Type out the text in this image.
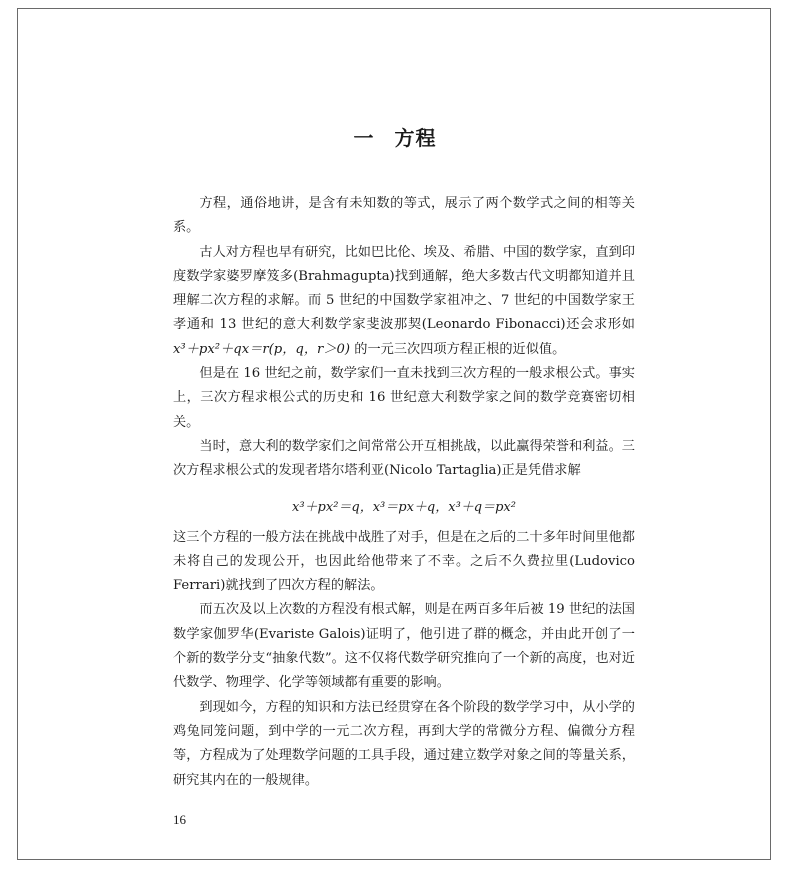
一 方程

方程，通俗地讲，是含有未知数的等式，展示了两个数学式之间的相等关系。

古人对方程也早有研究，比如巴比伦、埃及、希腊、中国的数学家，直到印度数学家婆罗摩笈多(Brahmagupta)找到通解，绝大多数古代文明都知道并且理解二次方程的求解。而 5 世纪的中国数学家祖冲之、7 世纪的中国数学家王孝通和 13 世纪的意大利数学家斐波那契(Leonardo Fibonacci)还会求形如 x³＋px²＋qx＝r(p，q，r＞0) 的一元三次四项方程正根的近似值。

但是在 16 世纪之前，数学家们一直未找到三次方程的一般求根公式。事实上，三次方程求根公式的历史和 16 世纪意大利数学家之间的数学竞赛密切相关。

当时，意大利的数学家们之间常常公开互相挑战，以此赢得荣誉和利益。三次方程求根公式的发现者塔尔塔利亚(Nicolo Tartaglia)正是凭借求解

x³＋px²＝q，x³＝px＋q，x³＋q＝px²

这三个方程的一般方法在挑战中战胜了对手，但是在之后的二十多年时间里他都未将自己的发现公开，也因此给他带来了不幸。之后不久费拉里(Ludovico Ferrari)就找到了四次方程的解法。

而五次及以上次数的方程没有根式解，则是在两百多年后被 19 世纪的法国数学家伽罗华(Evariste Galois)证明了，他引进了群的概念，并由此开创了一个新的数学分支“抽象代数”。这不仅将代数学研究推向了一个新的高度，也对近代数学、物理学、化学等领域都有重要的影响。

到现如今，方程的知识和方法已经贯穿在各个阶段的数学学习中，从小学的鸡兔同笼问题，到中学的一元二次方程，再到大学的常微分方程、偏微分方程等，方程成为了处理数学问题的工具手段，通过建立数学对象之间的等量关系，研究其内在的一般规律。

16
